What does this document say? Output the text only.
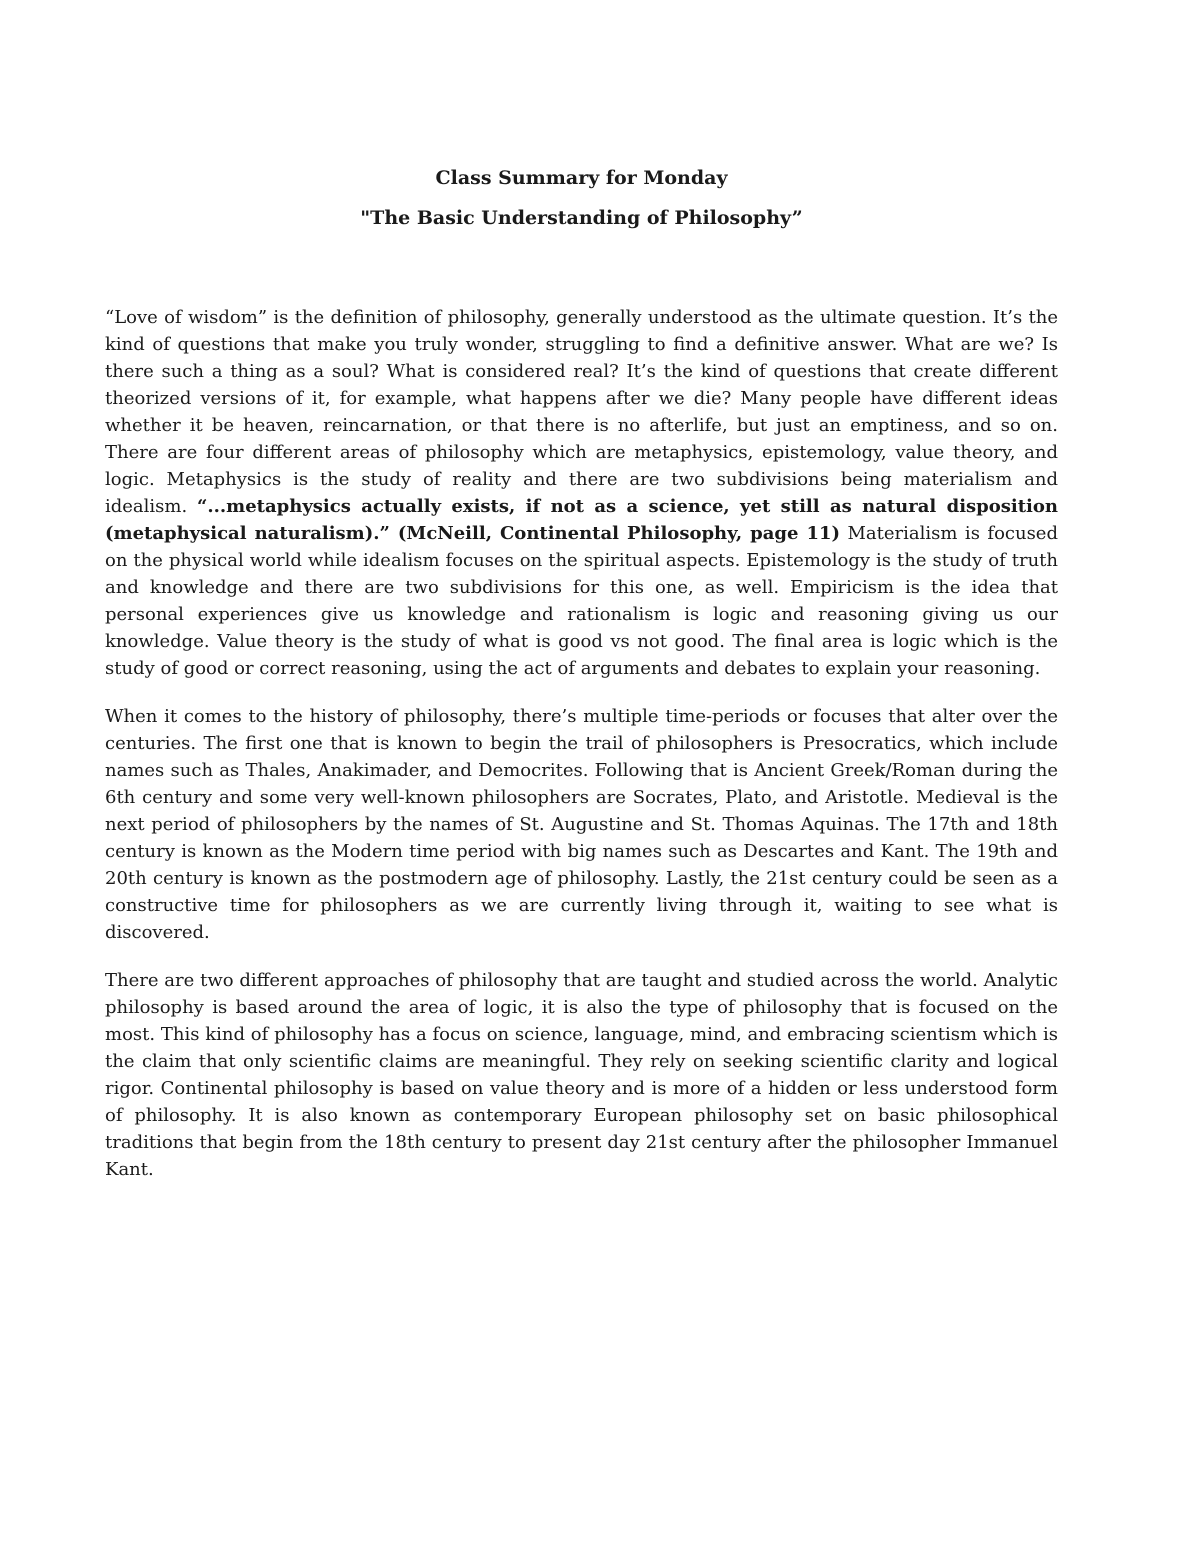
Class Summary for Monday
"The Basic Understanding of Philosophy”

“Love of wisdom” is the definition of philosophy, generally understood as the ultimate question. It’s the kind of questions that make you truly wonder, struggling to find a definitive answer. What are we? Is there such a thing as a soul? What is considered real? It’s the kind of questions that create different theorized versions of it, for example, what happens after we die? Many people have different ideas whether it be heaven, reincarnation, or that there is no afterlife, but just an emptiness, and so on. There are four different areas of philosophy which are metaphysics, epistemology, value theory, and logic. Metaphysics is the study of reality and there are two subdivisions being materialism and idealism. “...metaphysics actually exists, if not as a science, yet still as natural disposition (metaphysical naturalism).” (McNeill, Continental Philosophy, page 11) Materialism is focused on the physical world while idealism focuses on the spiritual aspects. Epistemology is the study of truth and knowledge and there are two subdivisions for this one, as well. Empiricism is the idea that personal experiences give us knowledge and rationalism is logic and reasoning giving us our knowledge. Value theory is the study of what is good vs not good. The final area is logic which is the study of good or correct reasoning, using the act of arguments and debates to explain your reasoning.

When it comes to the history of philosophy, there’s multiple time-periods or focuses that alter over the centuries. The first one that is known to begin the trail of philosophers is Presocratics, which include names such as Thales, Anakimader, and Democrites. Following that is Ancient Greek/Roman during the 6th century and some very well-known philosophers are Socrates, Plato, and Aristotle. Medieval is the next period of philosophers by the names of St. Augustine and St. Thomas Aquinas. The 17th and 18th century is known as the Modern time period with big names such as Descartes and Kant. The 19th and 20th century is known as the postmodern age of philosophy. Lastly, the 21st century could be seen as a constructive time for philosophers as we are currently living through it, waiting to see what is discovered.

There are two different approaches of philosophy that are taught and studied across the world. Analytic philosophy is based around the area of logic, it is also the type of philosophy that is focused on the most. This kind of philosophy has a focus on science, language, mind, and embracing scientism which is the claim that only scientific claims are meaningful. They rely on seeking scientific clarity and logical rigor. Continental philosophy is based on value theory and is more of a hidden or less understood form of philosophy. It is also known as contemporary European philosophy set on basic philosophical traditions that begin from the 18th century to present day 21st century after the philosopher Immanuel Kant.
